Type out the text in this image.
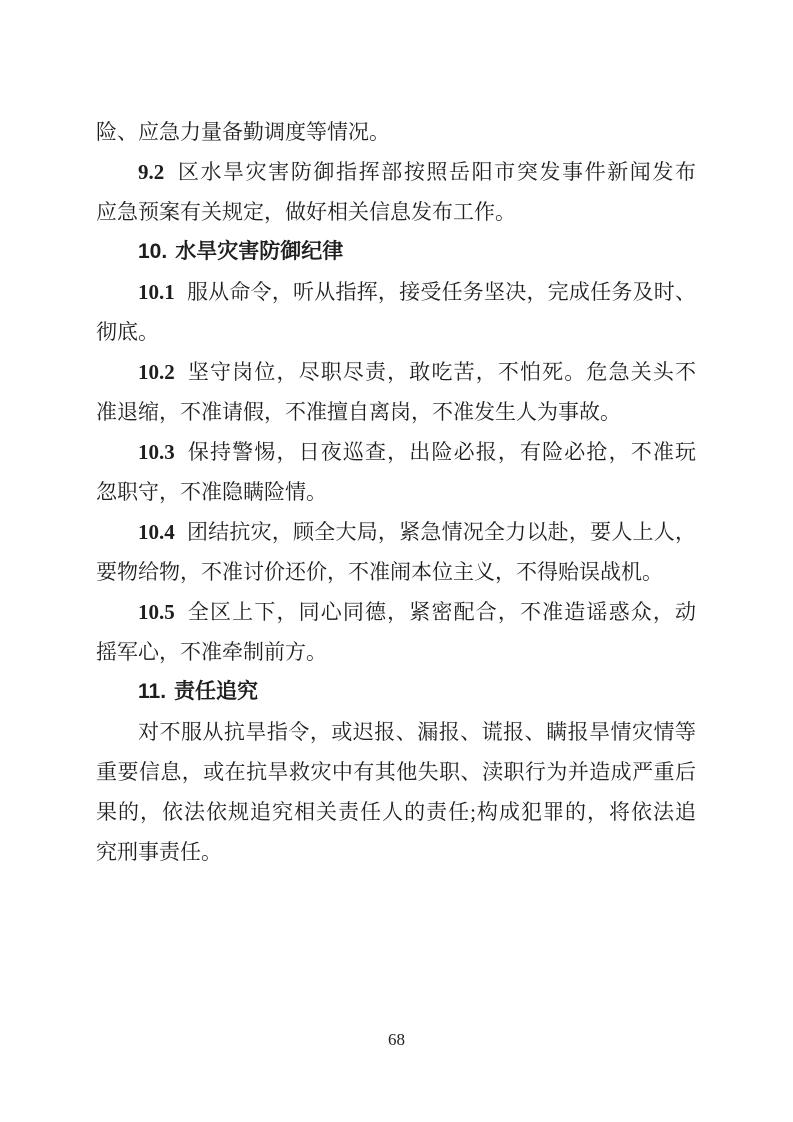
险、应急力量备勤调度等情况。
9.2 区水旱灾害防御指挥部按照岳阳市突发事件新闻发布
应急预案有关规定，做好相关信息发布工作。
10. 水旱灾害防御纪律
10.1 服从命令，听从指挥，接受任务坚决，完成任务及时、
彻底。
10.2 坚守岗位，尽职尽责，敢吃苦，不怕死。危急关头不
准退缩，不准请假，不准擅自离岗，不准发生人为事故。
10.3 保持警惕，日夜巡查，出险必报，有险必抢，不准玩
忽职守，不准隐瞒险情。
10.4 团结抗灾，顾全大局，紧急情况全力以赴，要人上人，
要物给物，不准讨价还价，不准闹本位主义，不得贻误战机。
10.5 全区上下，同心同德，紧密配合，不准造谣惑众，动
摇军心，不准牵制前方。
11. 责任追究
对不服从抗旱指令，或迟报、漏报、谎报、瞒报旱情灾情等
重要信息，或在抗旱救灾中有其他失职、渎职行为并造成严重后
果的，依法依规追究相关责任人的责任;构成犯罪的，将依法追
究刑事责任。
68
